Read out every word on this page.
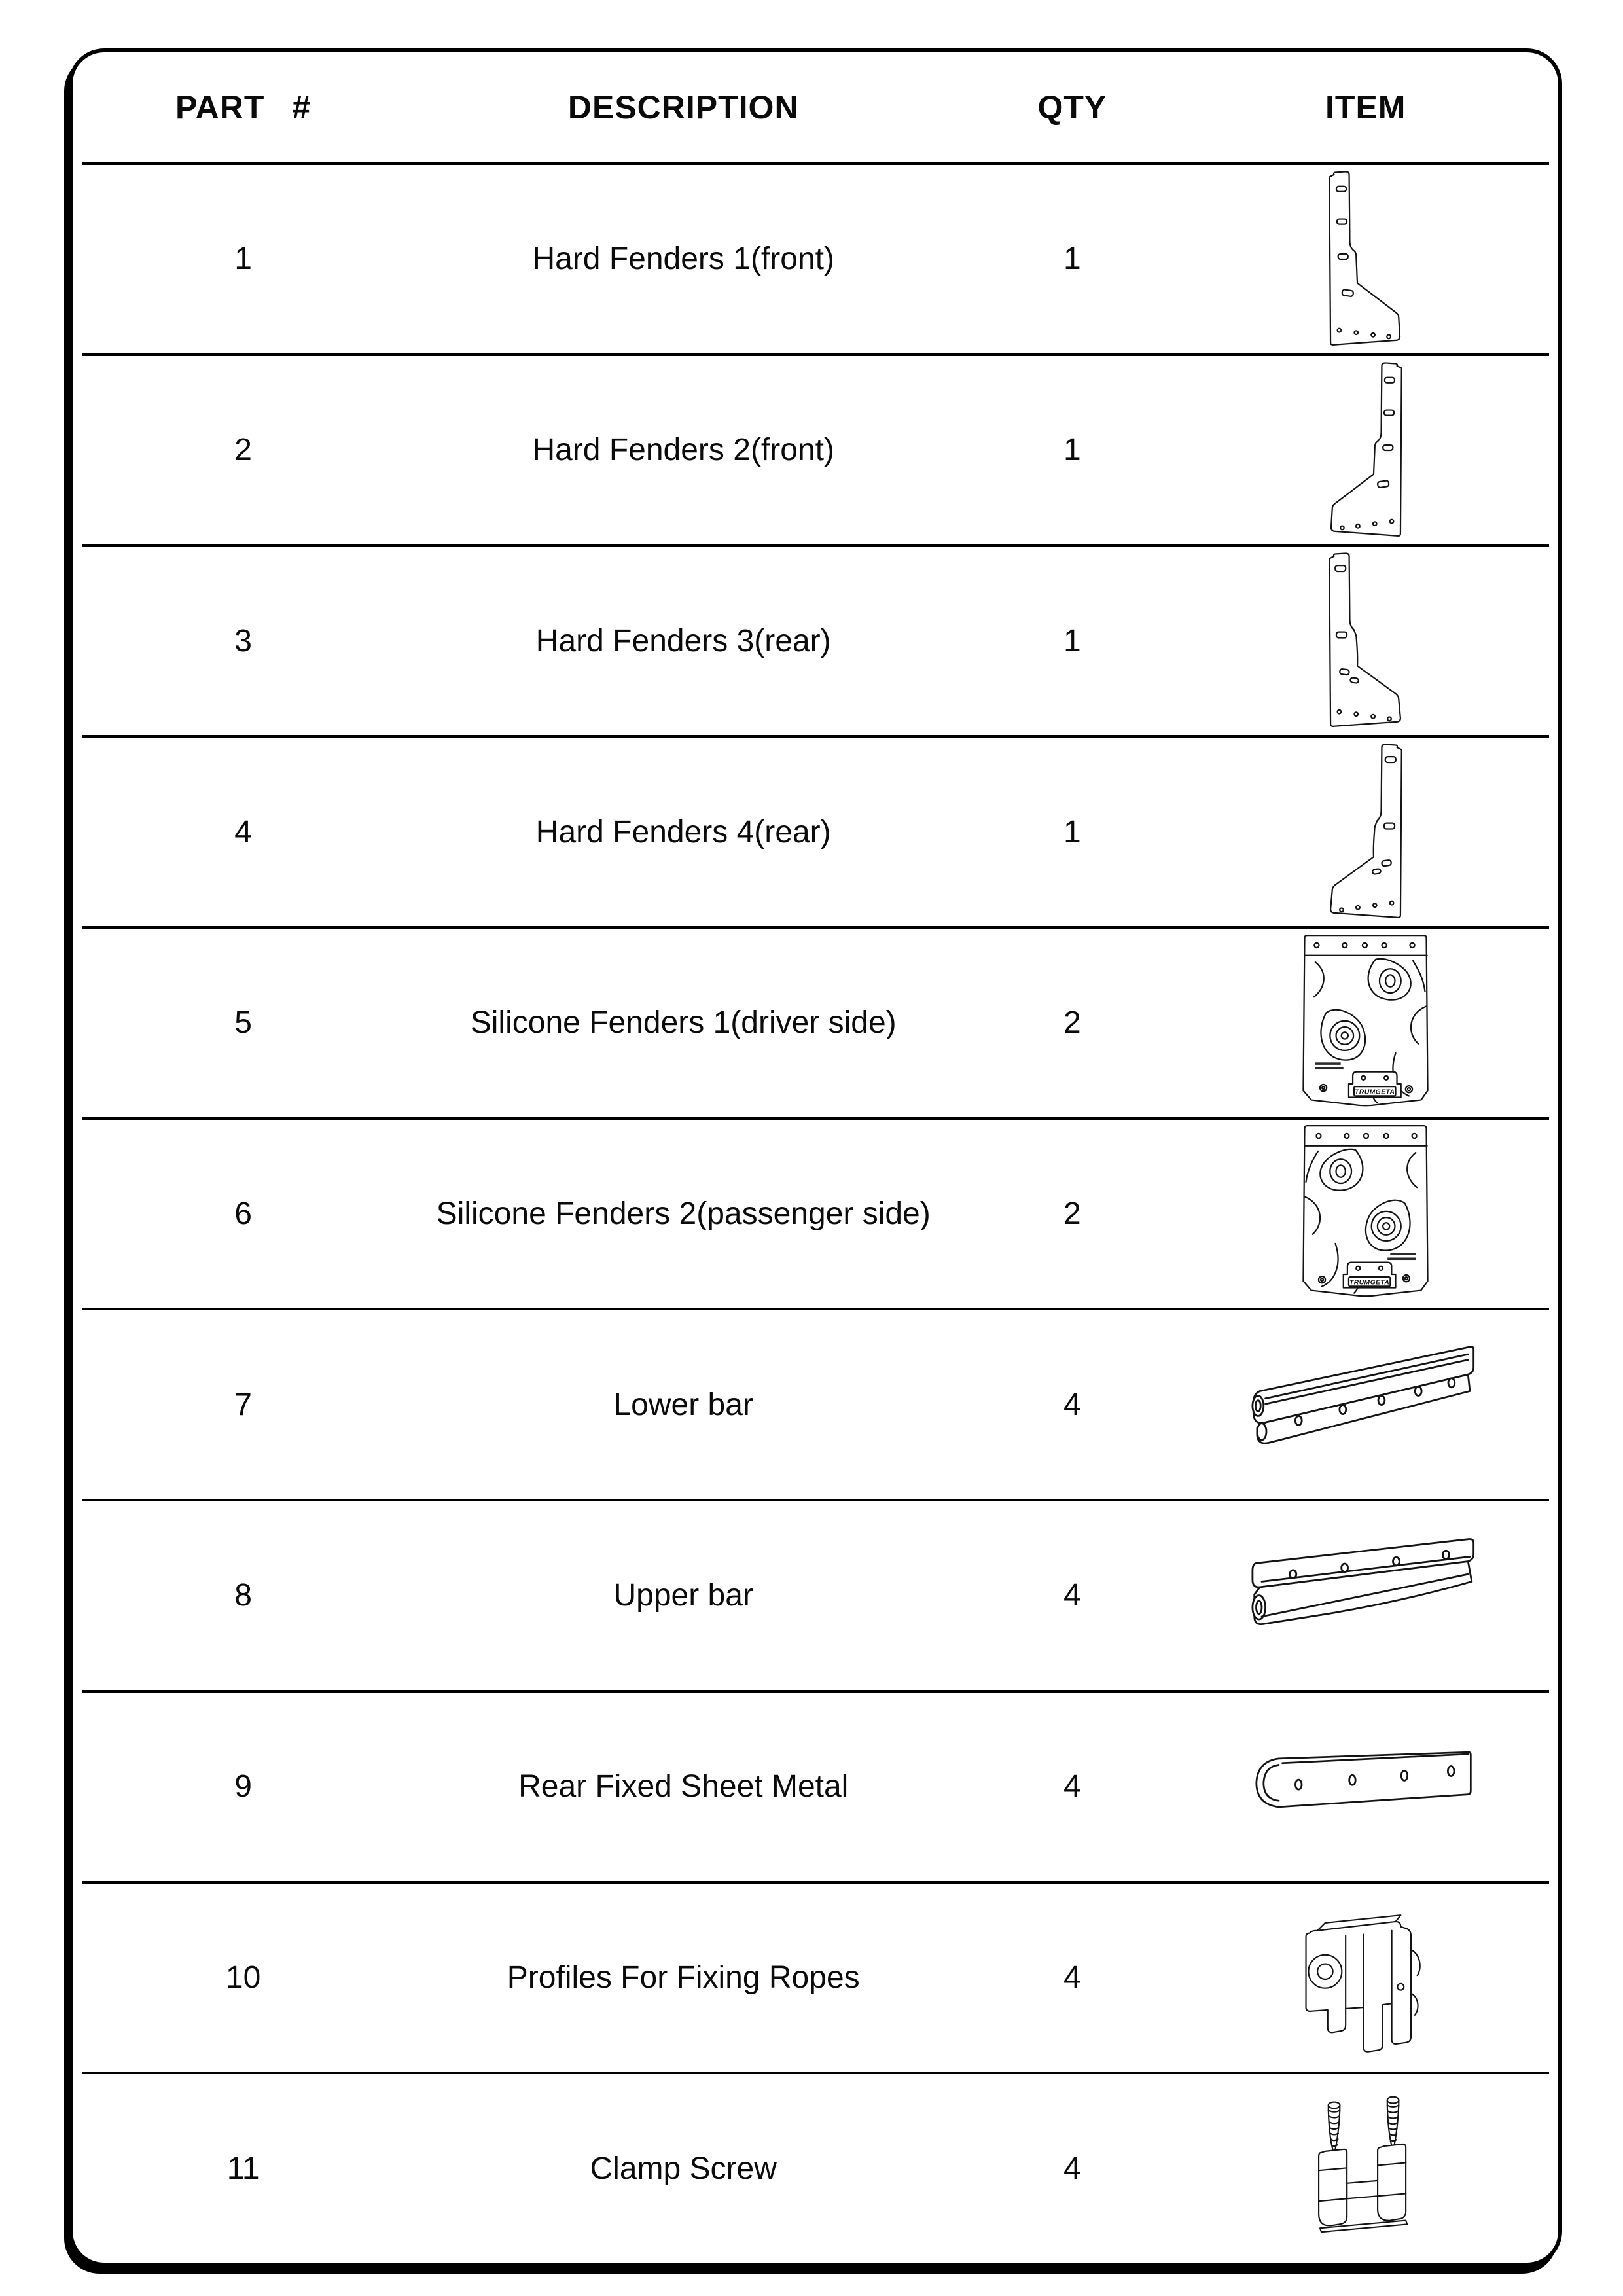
PART #	DESCRIPTION	QTY	ITEM
1	Hard Fenders 1(front)	1
2	Hard Fenders 2(front)	1
3	Hard Fenders 3(rear)	1
4	Hard Fenders 4(rear)	1
5	Silicone Fenders 1(driver side)	2
TRUMGETA
6	Silicone Fenders 2(passenger side)	2
TRUMGETA
7	Lower bar	4
8	Upper bar	4
9	Rear Fixed Sheet Metal	4
10	Profiles For Fixing Ropes	4
11	Clamp Screw	4
